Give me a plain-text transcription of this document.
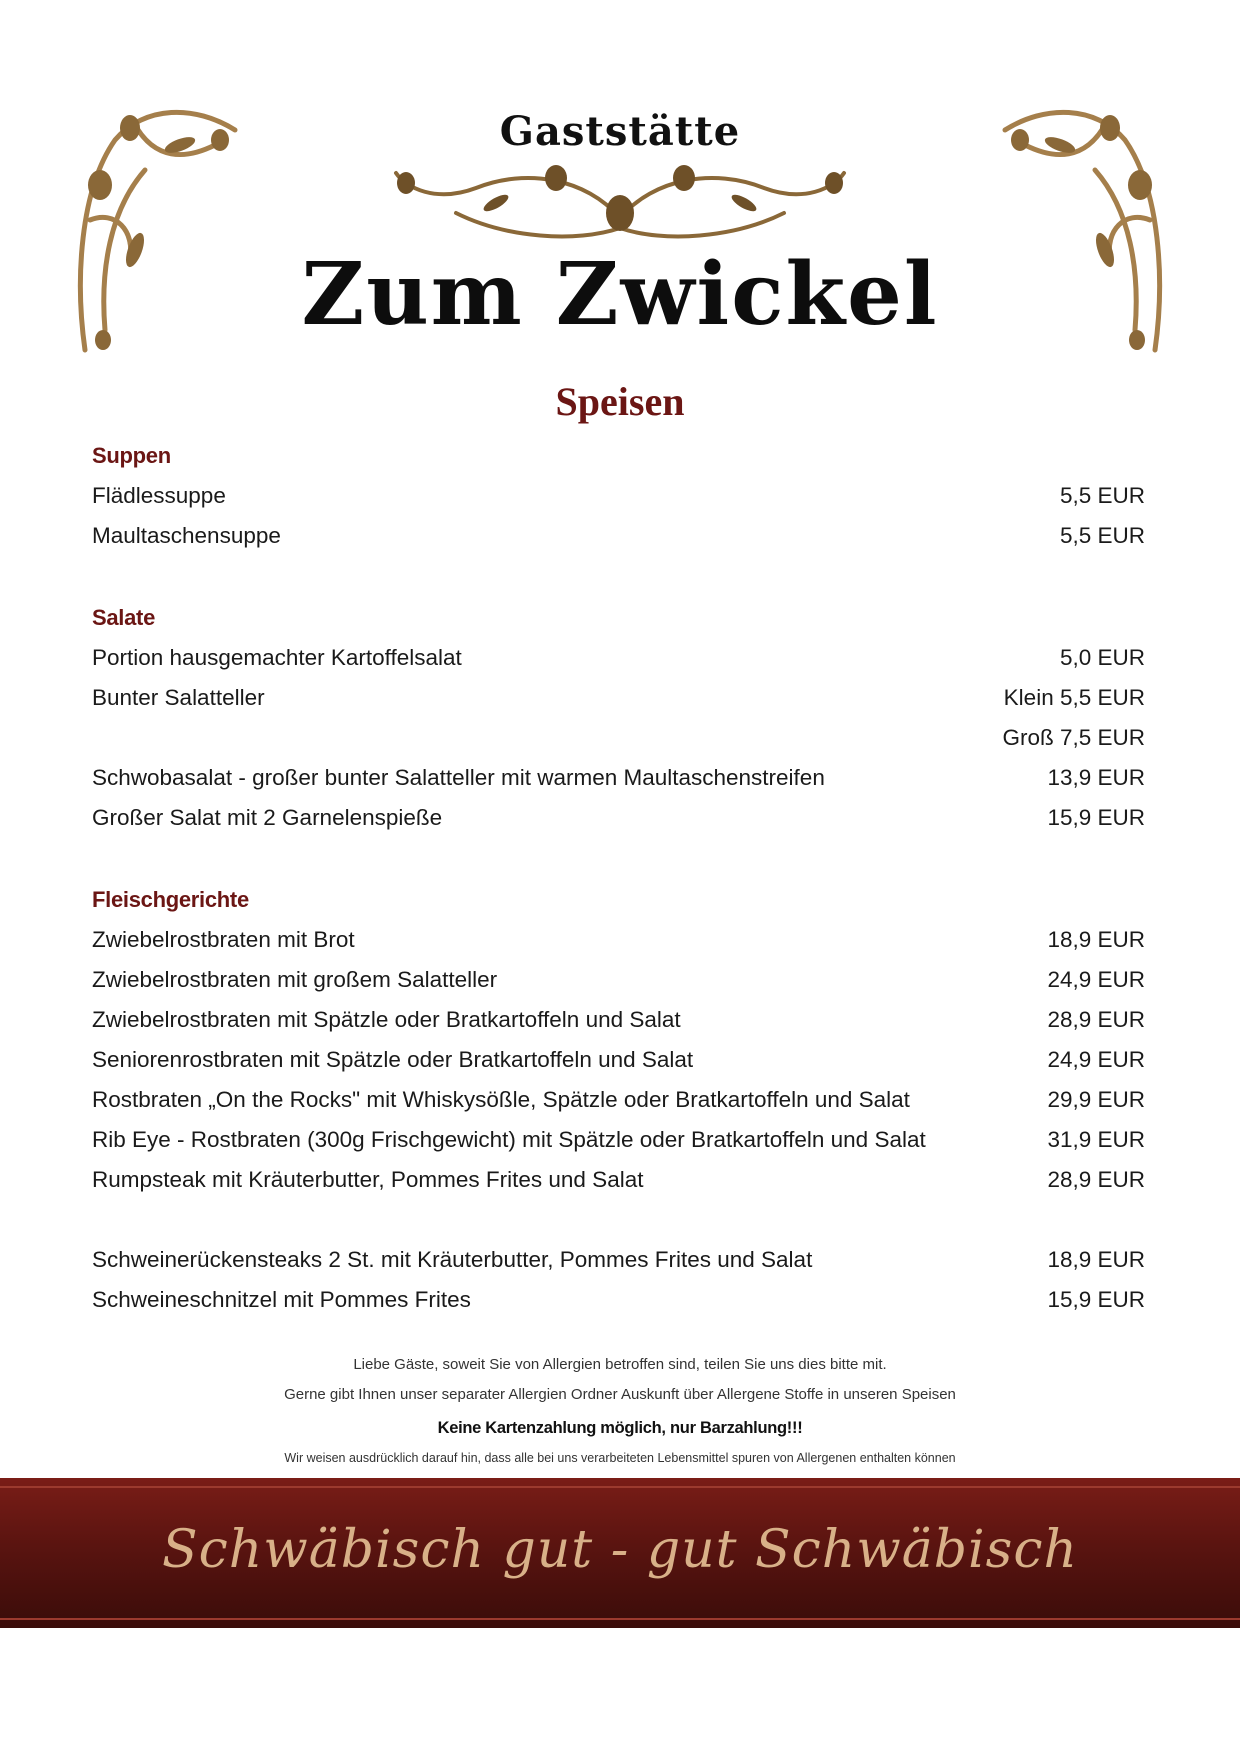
Gaststätte
Zum Zwickel
Speisen
Suppen
Flädlessuppe	5,5 EUR
Maultaschensuppe	5,5 EUR
Salate
Portion hausgemachter Kartoffelsalat	5,0 EUR
Bunter Salatteller	Klein 5,5 EUR
Groß 7,5 EUR
Schwobasalat - großer bunter Salatteller mit warmen Maultaschenstreifen	13,9 EUR
Großer Salat mit 2 Garnelenspieße	15,9 EUR
Fleischgerichte
Zwiebelrostbraten mit Brot	18,9 EUR
Zwiebelrostbraten mit großem Salatteller	24,9 EUR
Zwiebelrostbraten mit Spätzle oder Bratkartoffeln und Salat	28,9 EUR
Seniorenrostbraten mit Spätzle oder Bratkartoffeln und Salat	24,9 EUR
Rostbraten „On the Rocks" mit Whiskysößle, Spätzle oder Bratkartoffeln und Salat	29,9 EUR
Rib Eye - Rostbraten (300g Frischgewicht) mit Spätzle oder Bratkartoffeln und Salat	31,9 EUR
Rumpsteak mit Kräuterbutter, Pommes Frites und Salat	28,9 EUR
Schweinerückensteaks 2 St. mit Kräuterbutter, Pommes Frites und Salat	18,9 EUR
Schweineschnitzel mit Pommes Frites	15,9 EUR
Liebe Gäste, soweit Sie von Allergien betroffen sind, teilen Sie uns dies bitte mit.
Gerne gibt Ihnen unser separater Allergien Ordner Auskunft über Allergene Stoffe in unseren Speisen
Keine Kartenzahlung möglich, nur Barzahlung!!!
Wir weisen ausdrücklich darauf hin, dass alle bei uns verarbeiteten Lebensmittel spuren von Allergenen enthalten können
Schwäbisch gut - gut Schwäbisch
